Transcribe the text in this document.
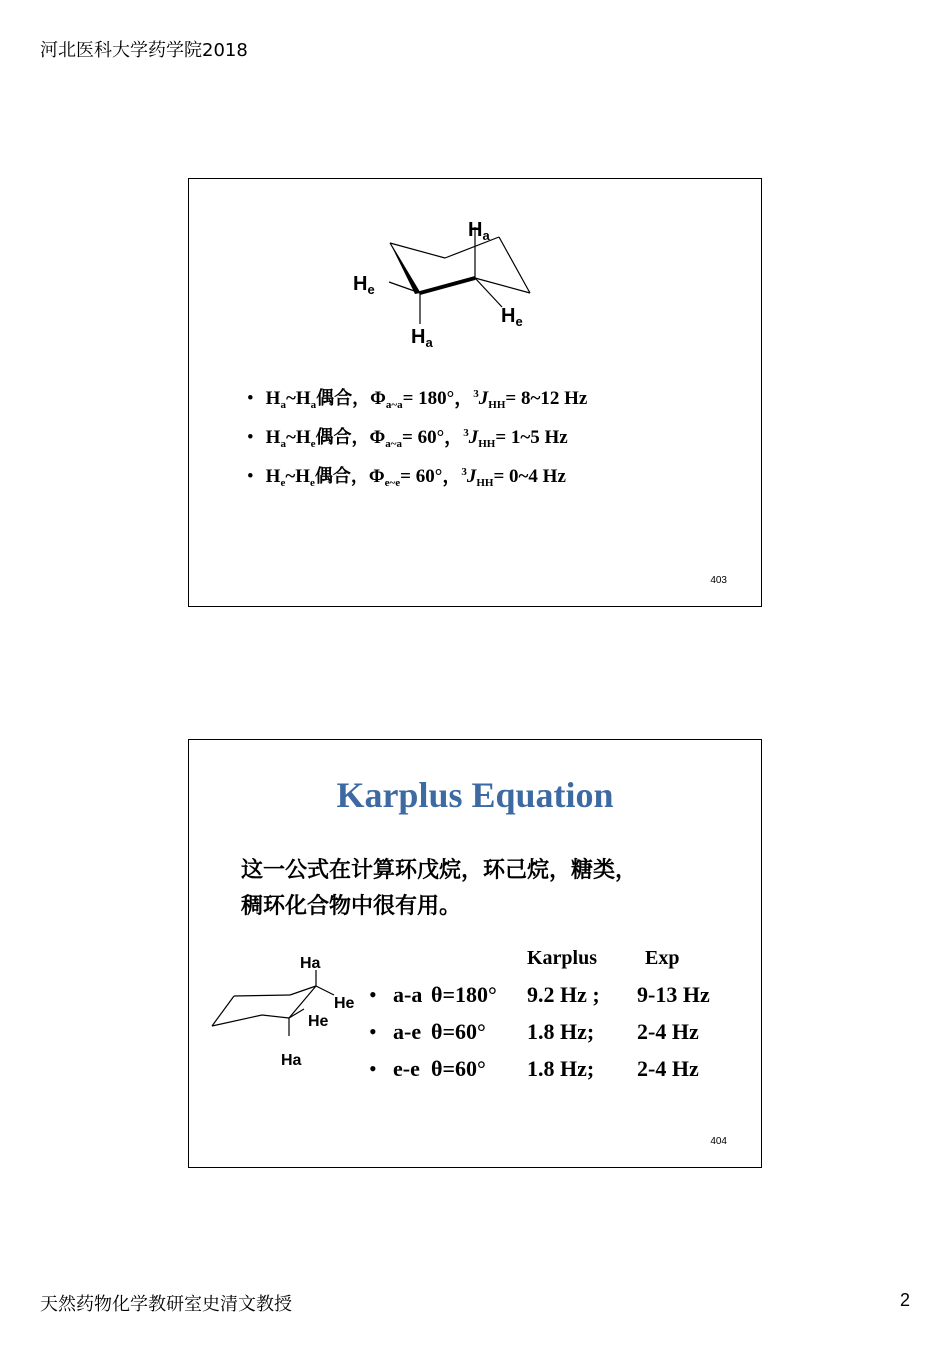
河北医科大学药学院2018
$H_a$
$H_e$
$H_e$
$H_a$
• $H_a\sim H_a$偶合，$\Phi_{a\sim a}= 180^\circ$，$^3J_{HH}=$ 8~12 Hz
• $H_a\sim H_e$偶合，$\Phi_{a\sim a}= 60^\circ$，$^3J_{HH}=$ 1~5 Hz
• $H_e\sim H_e$偶合，$\Phi_{e\sim e}= 60^\circ$，$^3J_{HH}=$ 0~4 Hz
403
Karplus Equation
这一公式在计算环戊烷，环己烷，糖类，
稠环化合物中很有用。
Ha
He
He
Ha
Karplus Exp
• a-a θ=180° 9.2 Hz ; 9-13 Hz
• a-e θ=60° 1.8 Hz; 2-4 Hz
• e-e θ=60° 1.8 Hz; 2-4 Hz
404
天然药物化学教研室史清文教授	2
